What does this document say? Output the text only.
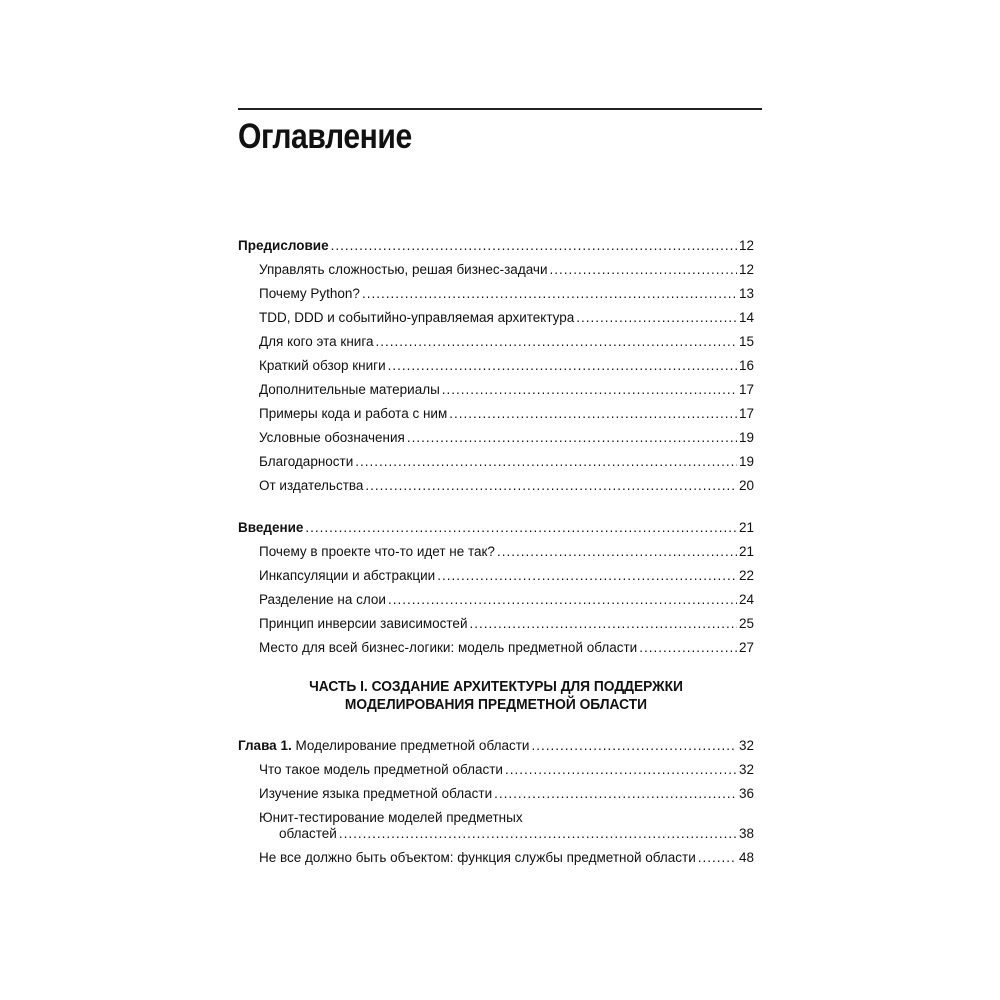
Оглавление
Предисловие .....	12
Управлять сложностью, решая бизнес-задачи .....	12
Почему Python? .....	13
TDD, DDD и событийно-управляемая архитектура .....	14
Для кого эта книга .....	15
Краткий обзор книги .....	16
Дополнительные материалы .....	17
Примеры кода и работа с ним .....	17
Условные обозначения .....	19
Благодарности .....	19
От издательства .....	20
Введение .....	21
Почему в проекте что-то идет не так? .....	21
Инкапсуляции и абстракции .....	22
Разделение на слои .....	24
Принцип инверсии зависимостей .....	25
Место для всей бизнес-логики: модель предметной области .....	27
ЧАСТЬ I. СОЗДАНИЕ АРХИТЕКТУРЫ ДЛЯ ПОДДЕРЖКИ
МОДЕЛИРОВАНИЯ ПРЕДМЕТНОЙ ОБЛАСТИ
Глава 1. Моделирование предметной области .....	32
Что такое модель предметной области .....	32
Изучение языка предметной области .....	36
Юнит-тестирование моделей предметных
областей .....	38
Не все должно быть объектом: функция службы предметной области .....	48
